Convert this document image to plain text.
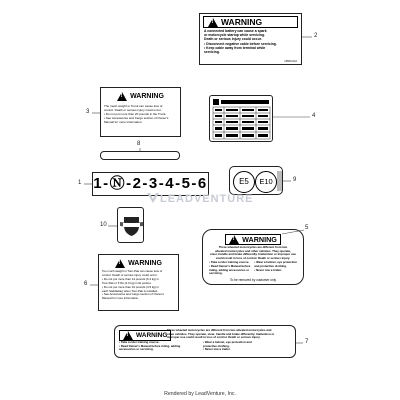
!
WARNING

A connected battery can cause a spark

or motorcycle startup while servicing.

Death or serious injury could occur.

• Disconnect negative cable before servicing.

• Keep cable away from terminal while

servicing.

13500-01A
!
WARNING

The mesh weight in Trunk can cause loss of

control. Death or serious injury could occur.

• Do not put more than 20 pounds in the Trunk.

• See Accessories and Cargo section of Owner's

Manual for more information.

1-Ⓝ-2-3-4-5-6	E5	E10
!
WARNING

Three wheeled motorcycles are different from two

wheeled motorcycles and other vehicles. They operate,

steer, handle and brake differently. Inattention or improper use

could result in loss of control. Death or serious injury.

• Take a rider training course.

• Read Owner's Manual before

riding, adding accessories or

servicing.

• Wear a helmet, eye protection

and protective clothing.

• Never tow a trailer.

To be removed by customer only
!
WARNING

Too much weight in Tour-Pak can cause loss of

control. Death or serious injury could occur.

• Do not put more than 14 pounds (6.4 kg) in

Tour-Pak or 5 lbs (2.3 kg) in lid pocket.

• Do not put more than 10 pounds (4.5 kg) in

each Saddlebag when Tour-Pak is installed.

• See Accessories and Cargo section of Owner's

Manual for more information.

!
WARNING

Three wheeled motorcycles are different from two wheeled motorcycles and

other vehicles. They operate, steer, handle and brake differently. Inattention or

improper use could result in loss of control. Death or serious injury.

• Take a rider training course.

• Read Owner's Manual before riding, adding

accessories or servicing.

• Wear a helmet, eye protection and

protective clothing.

• Never tow a trailer.

2
3
4
8
1	9
10	5
6
7
LEADVENTURE
Rendered by LeadVenture, Inc.
